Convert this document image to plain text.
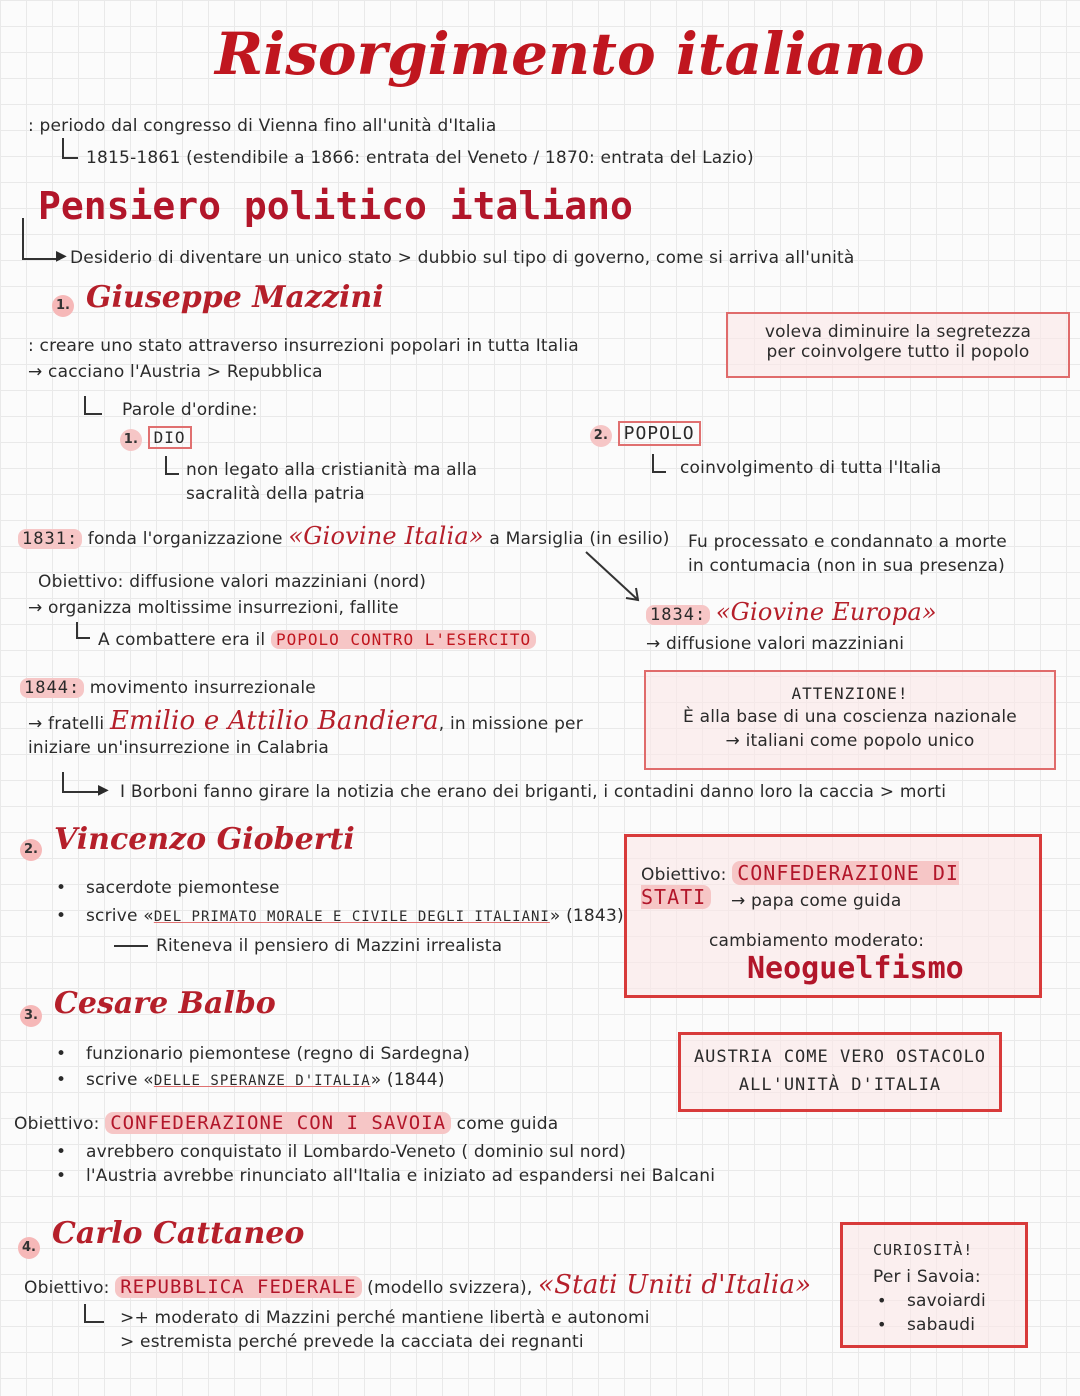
Risorgimento italiano
: periodo dal congresso di Vienna fino all'unità d'Italia
1815-1861 (estendibile a 1866: entrata del Veneto / 1870: entrata del Lazio)
Pensiero politico italiano
▶ Desiderio di diventare un unico stato > dubbio sul tipo di governo, come si arriva all'unità
1. Giuseppe Mazzini
: creare uno stato attraverso insurrezioni popolari in tutta Italia
→ cacciano l'Austria > Repubblica
voleva diminuire la segretezza
per coinvolgere tutto il popolo
Parole d'ordine:
1. DIO
non legato alla cristianità ma alla
sacralità della patria
2. POPOLO
coinvolgimento di tutta l'Italia
1831: fonda l'organizzazione «Giovine Italia» a Marsiglia (in esilio) Fu processato e condannato a morte
in contumacia (non in sua presenza)
Obiettivo: diffusione valori mazziniani (nord)
→ organizza moltissime insurrezioni, fallite
A combattere era il POPOLO CONTRO L'ESERCITO
1834: «Giovine Europa»
→ diffusione valori mazziniani
1844: movimento insurrezionale
→ fratelli Emilio e Attilio Bandiera, in missione per
iniziare un'insurrezione in Calabria
ATTENZIONE!
È alla base di una coscienza nazionale
→ italiani come popolo unico
▶ I Borboni fanno girare la notizia che erano dei briganti, i contadini danno loro la caccia > morti
2. Vincenzo Gioberti
• sacerdote piemontese
• scrive «DEL PRIMATO MORALE E CIVILE DEGLI ITALIANI» (1843)
Riteneva il pensiero di Mazzini irrealista
Obiettivo: CONFEDERAZIONE DI STATI	→ papa come guida
cambiamento moderato:
Neoguelfismo
3. Cesare Balbo
• funzionario piemontese (regno di Sardegna)
• scrive «DELLE SPERANZE D'ITALIA» (1844)
AUSTRIA COME VERO OSTACOLO
ALL'UNITÀ D'ITALIA
Obiettivo: CONFEDERAZIONE CON I SAVOIA come guida
• avrebbero conquistato il Lombardo-Veneto ( dominio sul nord)
• l'Austria avrebbe rinunciato all'Italia e iniziato ad espandersi nei Balcani
4. Carlo Cattaneo
Obiettivo: REPUBBLICA FEDERALE (modello svizzera), «Stati Uniti d'Italia»
>+ moderato di Mazzini perché mantiene libertà e autonomi
> estremista perché prevede la cacciata dei regnanti
CURIOSITÀ!
Per i Savoia:
savoiardi
sabaudi
•
•
